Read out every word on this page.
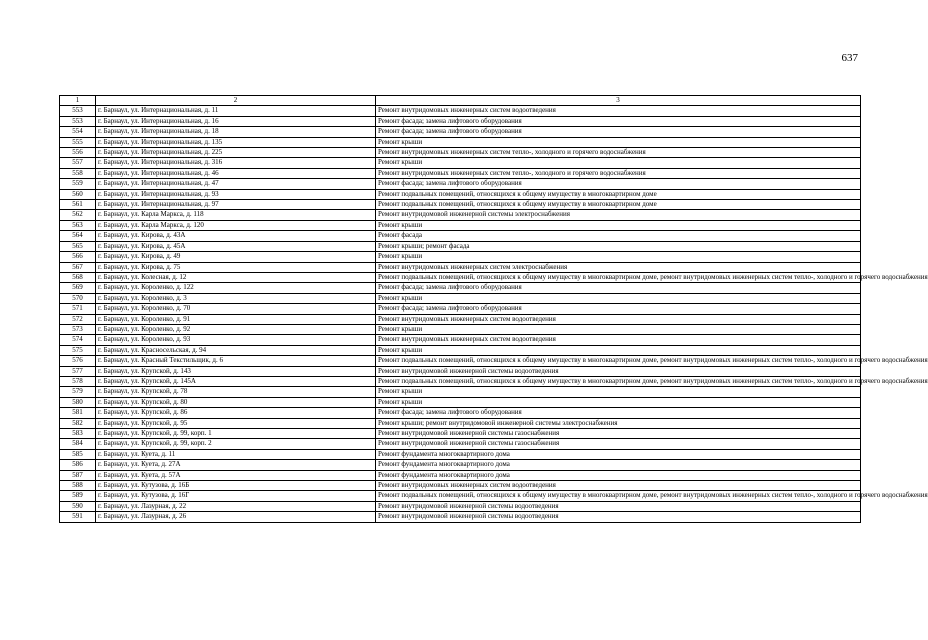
637
1	2	3
553	г. Барнаул, ул. Интернациональная, д. 11	Ремонт внутридомовых инженерных систем водоотведения
553	г. Барнаул, ул. Интернациональная, д. 16	Ремонт фасада; замена лифтового оборудования
554	г. Барнаул, ул. Интернациональная, д. 18	Ремонт фасада; замена лифтового оборудования
555	г. Барнаул, ул. Интернациональная, д. 135	Ремонт крыши
556	г. Барнаул, ул. Интернациональная, д. 225	Ремонт внутридомовых инженерных систем тепло-, холодного и горячего водоснабжения
557	г. Барнаул, ул. Интернациональная, д. 316	Ремонт крыши
558	г. Барнаул, ул. Интернациональная, д. 46	Ремонт внутридомовых инженерных систем тепло-, холодного и горячего водоснабжения
559	г. Барнаул, ул. Интернациональная, д. 47	Ремонт фасада; замена лифтового оборудования
560	г. Барнаул, ул. Интернациональная, д. 93	Ремонт подвальных помещений, относящихся к общему имуществу в многоквартирном доме
561	г. Барнаул, ул. Интернациональная, д. 97	Ремонт подвальных помещений, относящихся к общему имуществу в многоквартирном доме
562	г. Барнаул, ул. Карла Маркса, д. 118	Ремонт внутридомовой инженерной системы электроснабжения
563	г. Барнаул, ул. Карла Маркса, д. 120	Ремонт крыши
564	г. Барнаул, ул. Кирова, д. 43А	Ремонт фасада
565	г. Барнаул, ул. Кирова, д. 45А	Ремонт крыши; ремонт фасада
566	г. Барнаул, ул. Кирова, д. 49	Ремонт крыши
567	г. Барнаул, ул. Кирова, д. 75	Ремонт внутридомовых инженерных систем электроснабжения
568	г. Барнаул, ул. Колесная, д. 12	Ремонт подвальных помещений, относящихся к общему имуществу в многоквартирном доме, ремонт внутридомовых инженерных систем тепло-, холодного и горячего водоснабжения
569	г. Барнаул, ул. Короленко, д. 122	Ремонт фасада; замена лифтового оборудования
570	г. Барнаул, ул. Короленко, д. 3	Ремонт крыши
571	г. Барнаул, ул. Короленко, д. 70	Ремонт фасада; замена лифтового оборудования
572	г. Барнаул, ул. Короленко, д. 91	Ремонт внутридомовых инженерных систем водоотведения
573	г. Барнаул, ул. Короленко, д. 92	Ремонт крыши
574	г. Барнаул, ул. Короленко, д. 93	Ремонт внутридомовых инженерных систем водоотведения
575	г. Барнаул, ул. Красносельская, д. 94	Ремонт крыши
576	г. Барнаул, ул. Красный Текстильщик, д. 6	Ремонт подвальных помещений, относящихся к общему имуществу в многоквартирном доме, ремонт внутридомовых инженерных систем тепло-, холодного и горячего водоснабжения
577	г. Барнаул, ул. Крупской, д. 143	Ремонт внутридомовой инженерной системы водоотведения
578	г. Барнаул, ул. Крупской, д. 145А	Ремонт подвальных помещений, относящихся к общему имуществу в многоквартирном доме, ремонт внутридомовых инженерных систем тепло-, холодного и горячего водоснабжения
579	г. Барнаул, ул. Крупской, д. 78	Ремонт крыши
580	г. Барнаул, ул. Крупской, д. 80	Ремонт крыши
581	г. Барнаул, ул. Крупской, д. 86	Ремонт фасада; замена лифтового оборудования
582	г. Барнаул, ул. Крупской, д. 95	Ремонт крыши; ремонт внутридомовой инженерной системы электроснабжения
583	г. Барнаул, ул. Крупской, д. 99, корп. 1	Ремонт внутридомовой инженерной системы газоснабжения
584	г. Барнаул, ул. Крупской, д. 99, корп. 2	Ремонт внутридомовой инженерной системы газоснабжения
585	г. Барнаул, ул. Куета, д. 11	Ремонт фундамента многоквартирного дома
586	г. Барнаул, ул. Куета, д. 27А	Ремонт фундамента многоквартирного дома
587	г. Барнаул, ул. Куета, д. 57А	Ремонт фундамента многоквартирного дома
588	г. Барнаул, ул. Кутузова, д. 16Б	Ремонт внутридомовых инженерных систем водоотведения
589	г. Барнаул, ул. Кутузова, д. 16Г	Ремонт подвальных помещений, относящихся к общему имуществу в многоквартирном доме, ремонт внутридомовых инженерных систем тепло-, холодного и горячего водоснабжения
590	г. Барнаул, ул. Лазурная, д. 22	Ремонт внутридомовой инженерной системы водоотведения
591	г. Барнаул, ул. Лазурная, д. 26	Ремонт внутридомовой инженерной системы водоотведения
